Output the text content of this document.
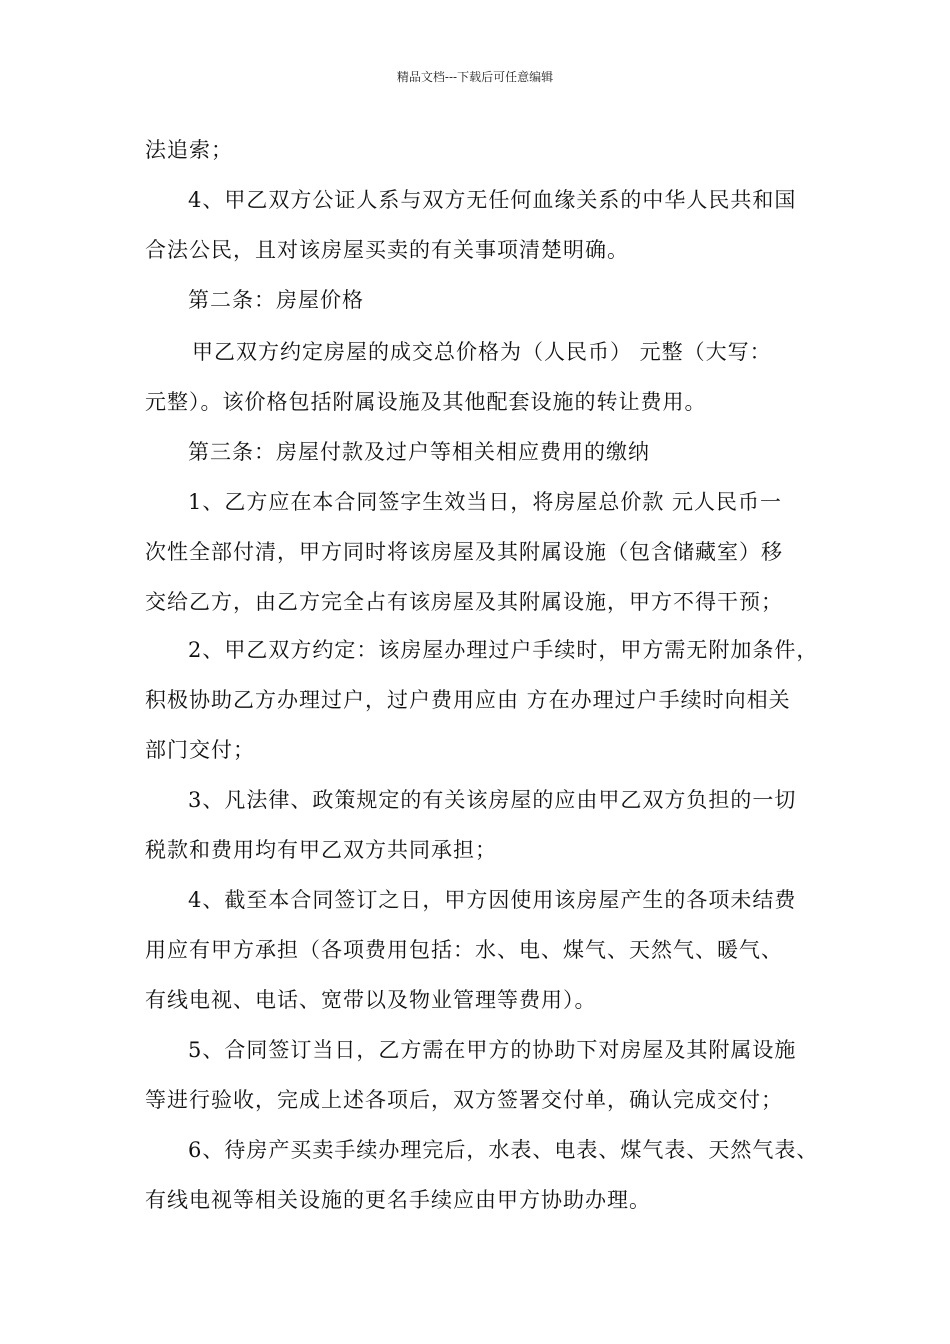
精品文档---下载后可任意编辑
法追索；
4、甲乙双方公证人系与双方无任何血缘关系的中华人民共和国
合法公民，且对该房屋买卖的有关事项清楚明确。
第二条：房屋价格
甲乙双方约定房屋的成交总价格为（人民币） 元整（大写：
元整）。该价格包括附属设施及其他配套设施的转让费用。
第三条：房屋付款及过户等相关相应费用的缴纳
1、乙方应在本合同签字生效当日，将房屋总价款 元人民币一
次性全部付清，甲方同时将该房屋及其附属设施（包含储藏室）移
交给乙方，由乙方完全占有该房屋及其附属设施，甲方不得干预；
2、甲乙双方约定：该房屋办理过户手续时，甲方需无附加条件，
积极协助乙方办理过户，过户费用应由 方在办理过户手续时向相关
部门交付；
3、凡法律、政策规定的有关该房屋的应由甲乙双方负担的一切
税款和费用均有甲乙双方共同承担；
4、截至本合同签订之日，甲方因使用该房屋产生的各项未结费
用应有甲方承担（各项费用包括：水、电、煤气、天然气、暖气、
有线电视、电话、宽带以及物业管理等费用）。
5、合同签订当日，乙方需在甲方的协助下对房屋及其附属设施
等进行验收，完成上述各项后，双方签署交付单，确认完成交付；
6、待房产买卖手续办理完后，水表、电表、煤气表、天然气表、
有线电视等相关设施的更名手续应由甲方协助办理。
